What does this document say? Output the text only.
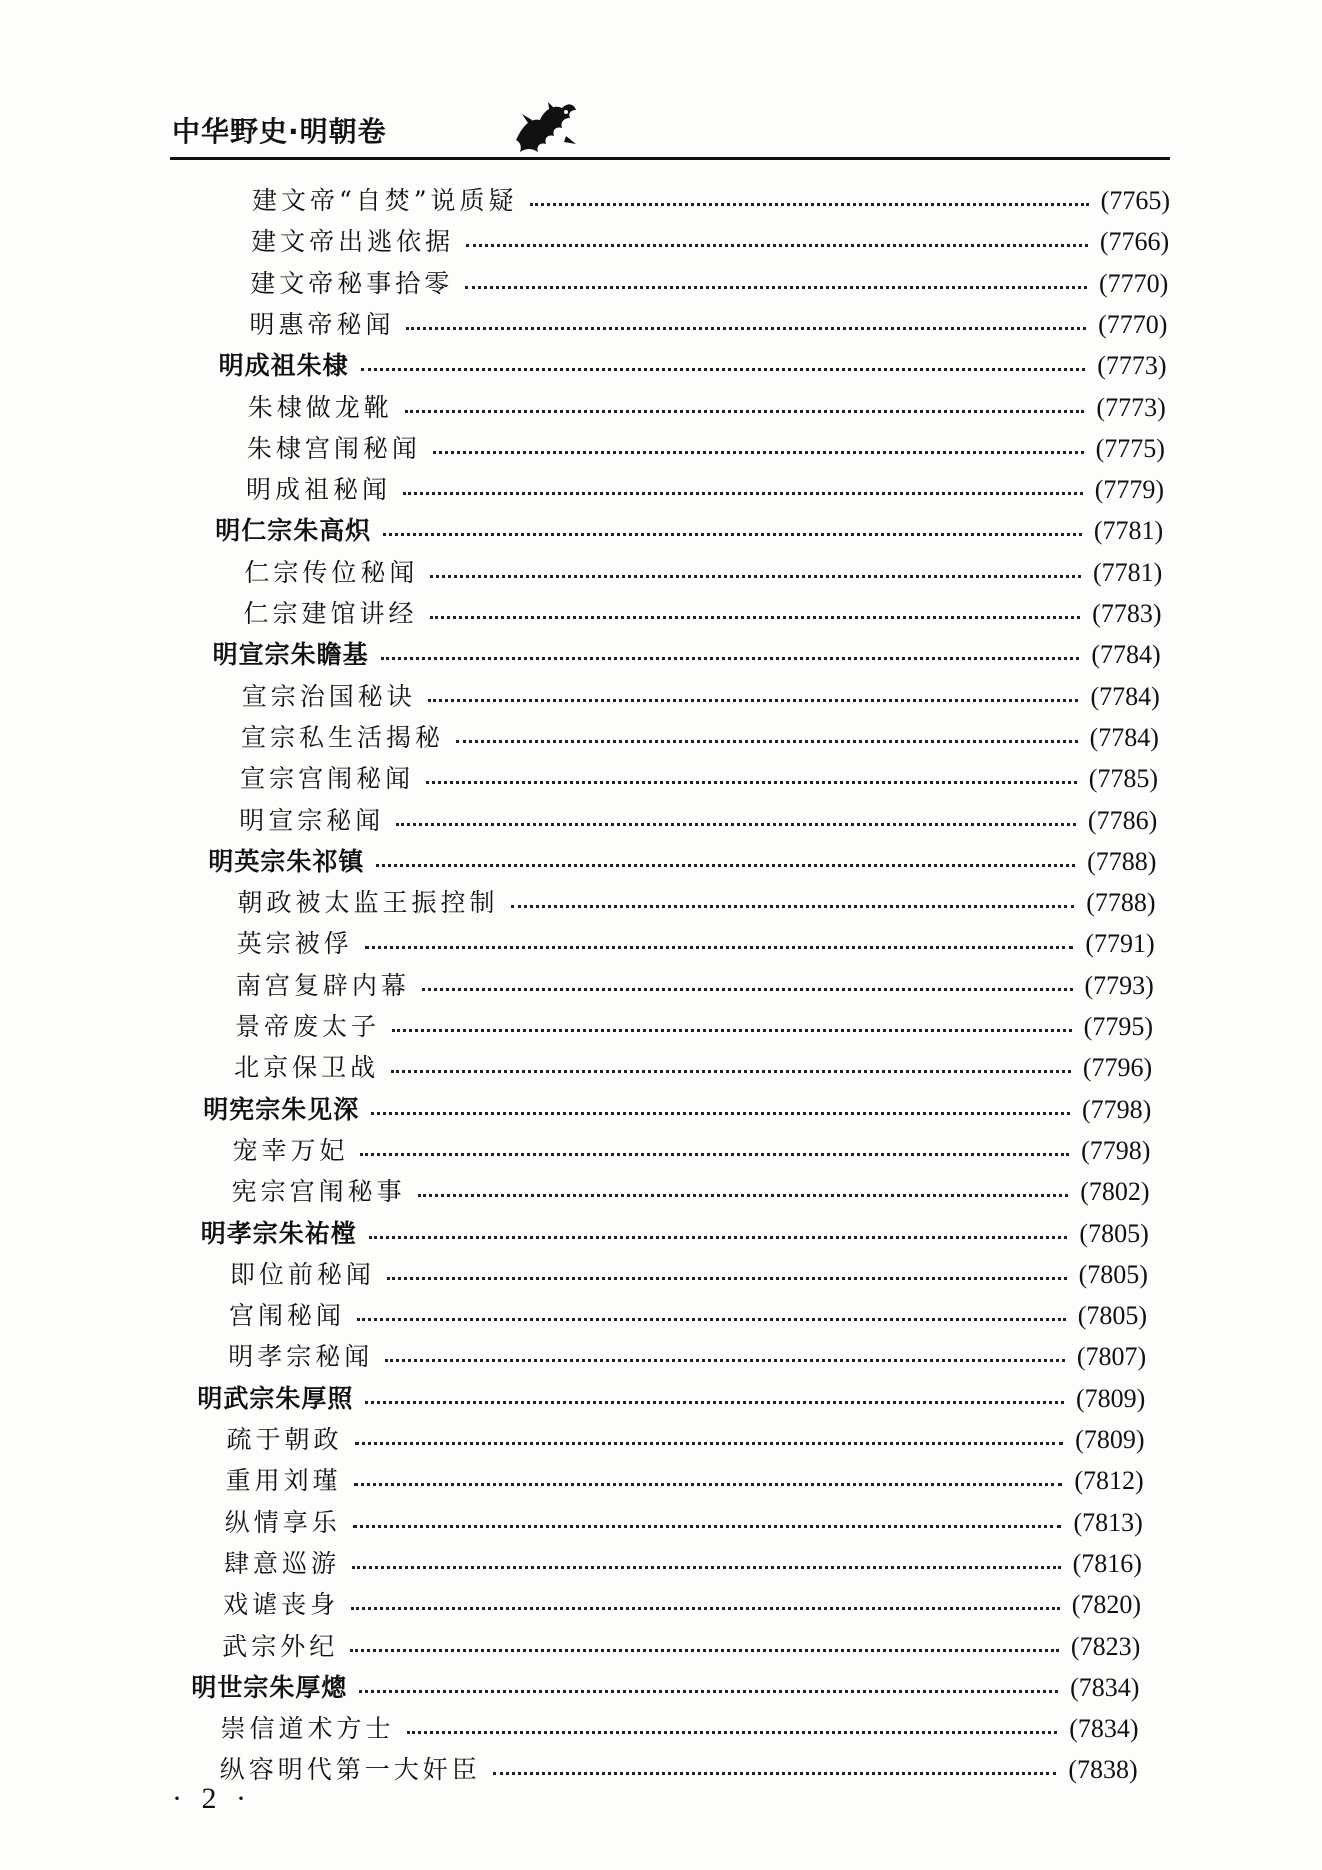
中华野史·明朝卷
建文帝“自焚”说质疑	(7765)
建文帝出逃依据	(7766)
建文帝秘事拾零	(7770)
明惠帝秘闻	(7770)
明成祖朱棣	(7773)
朱棣做龙靴	(7773)
朱棣宫闱秘闻	(7775)
明成祖秘闻	(7779)
明仁宗朱高炽	(7781)
仁宗传位秘闻	(7781)
仁宗建馆讲经	(7783)
明宣宗朱瞻基	(7784)
宣宗治国秘诀	(7784)
宣宗私生活揭秘	(7784)
宣宗宫闱秘闻	(7785)
明宣宗秘闻	(7786)
明英宗朱祁镇	(7788)
朝政被太监王振控制	(7788)
英宗被俘	(7791)
南宫复辟内幕	(7793)
景帝废太子	(7795)
北京保卫战	(7796)
明宪宗朱见深	(7798)
宠幸万妃	(7798)
宪宗宫闱秘事	(7802)
明孝宗朱祐樘	(7805)
即位前秘闻	(7805)
宫闱秘闻	(7805)
明孝宗秘闻	(7807)
明武宗朱厚照	(7809)
疏于朝政	(7809)
重用刘瑾	(7812)
纵情享乐	(7813)
肆意巡游	(7816)
戏谑丧身	(7820)
武宗外纪	(7823)
明世宗朱厚熜	(7834)
崇信道术方士	(7834)
纵容明代第一大奸臣	(7838)
· 2 ·
